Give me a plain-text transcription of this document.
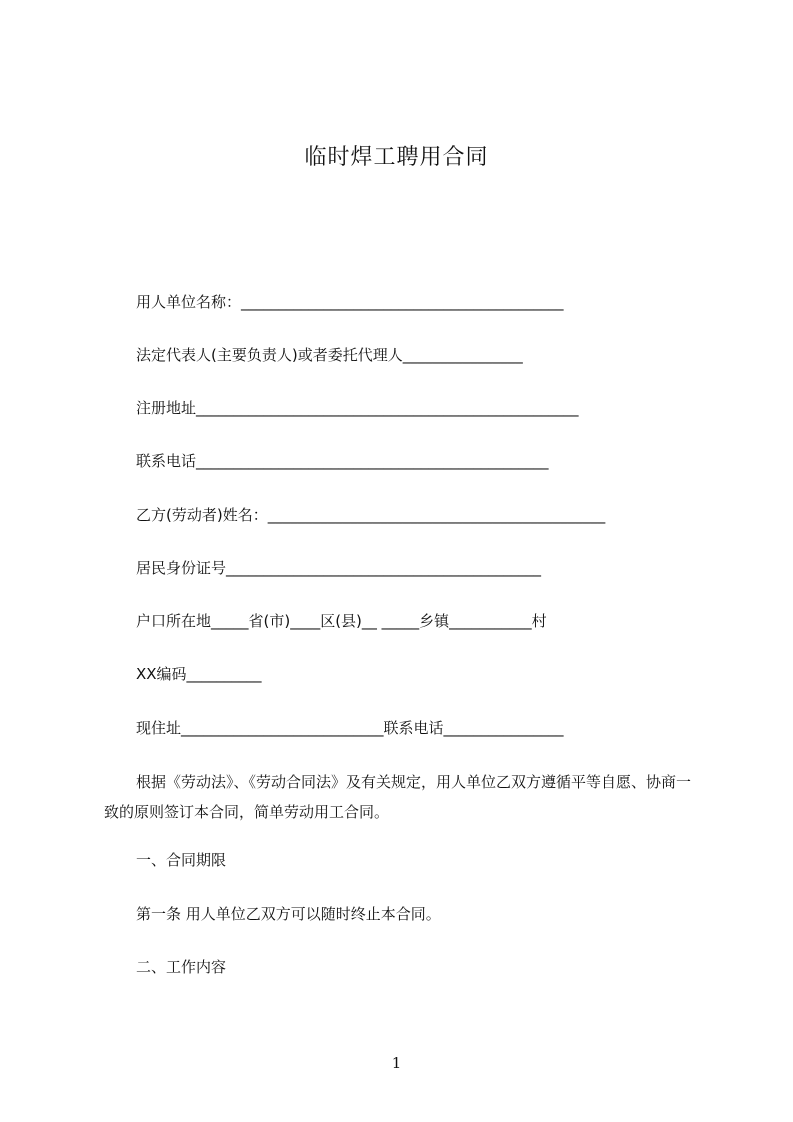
临时焊工聘用合同
用人单位名称：___________________________________________
法定代表人(主要负责人)或者委托代理人________________
注册地址___________________________________________________
联系电话_______________________________________________
乙方(劳动者)姓名：_____________________________________________
居民身份证号__________________________________________
户口所在地_____省(市)____区(县)__ _____乡镇___________村
XX编码__________
现住址___________________________联系电话________________
根据《劳动法》、《劳动合同法》及有关规定，用人单位乙双方遵循平等自愿、协商一致的原则签订本合同，简单劳动用工合同。
一、合同期限
第一条 用人单位乙双方可以随时终止本合同。
二、工作内容
1
